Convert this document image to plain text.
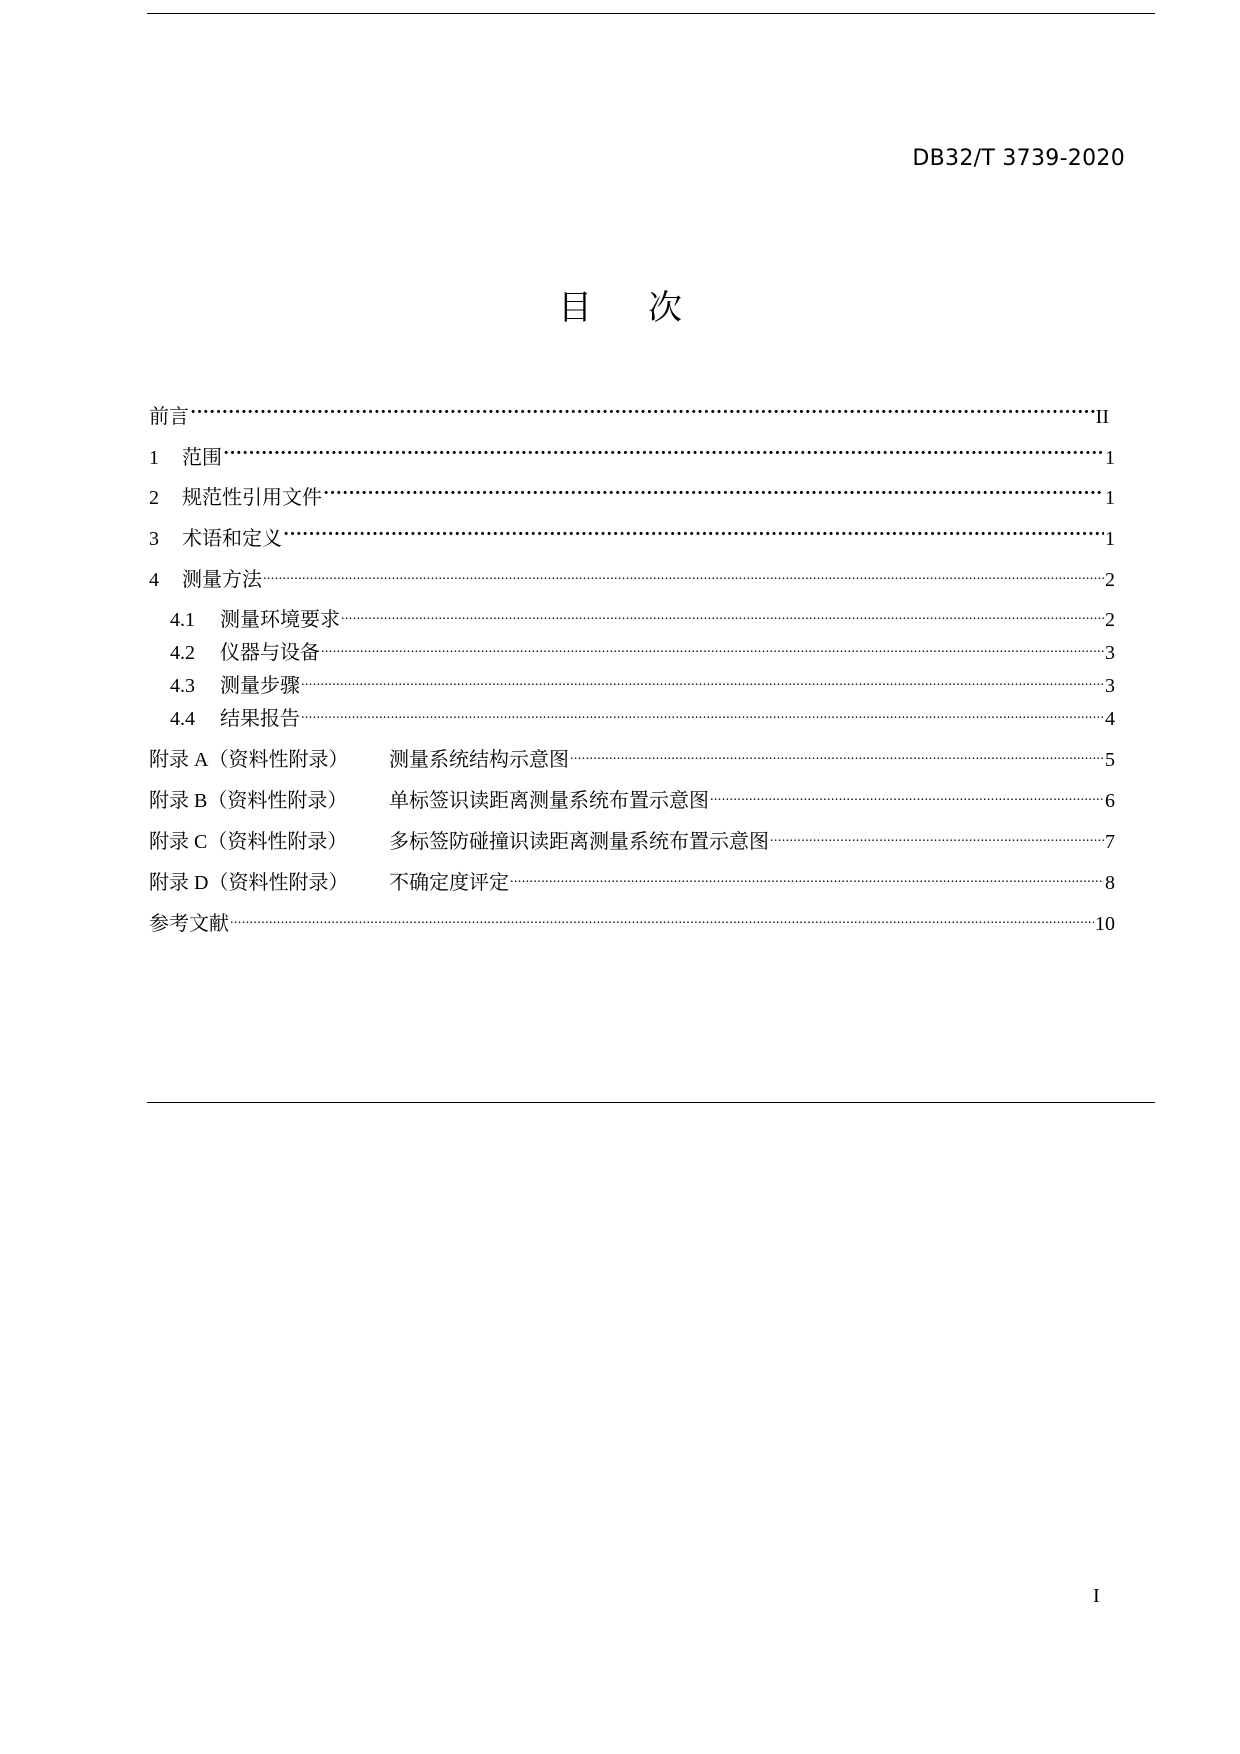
DB32/T 3739-2020
目 次
前言 ·····	II
1	范围 ·····	1
2	规范性引用文件 ·····	1
3	术语和定义 ·····	1
4	测量方法 .....	2
4.1	测量环境要求 .....	2
4.2	仪器与设备 .....	3
4.3	测量步骤 .....	3
4.4	结果报告 .....	4
附录 A（资料性附录）	测量系统结构示意图 .....	5
附录 B（资料性附录）	单标签识读距离测量系统布置示意图 .....	6
附录 C（资料性附录）	多标签防碰撞识读距离测量系统布置示意图 .....	7
附录 D（资料性附录）	不确定度评定 .....	8
参考文献 .....	10
I
